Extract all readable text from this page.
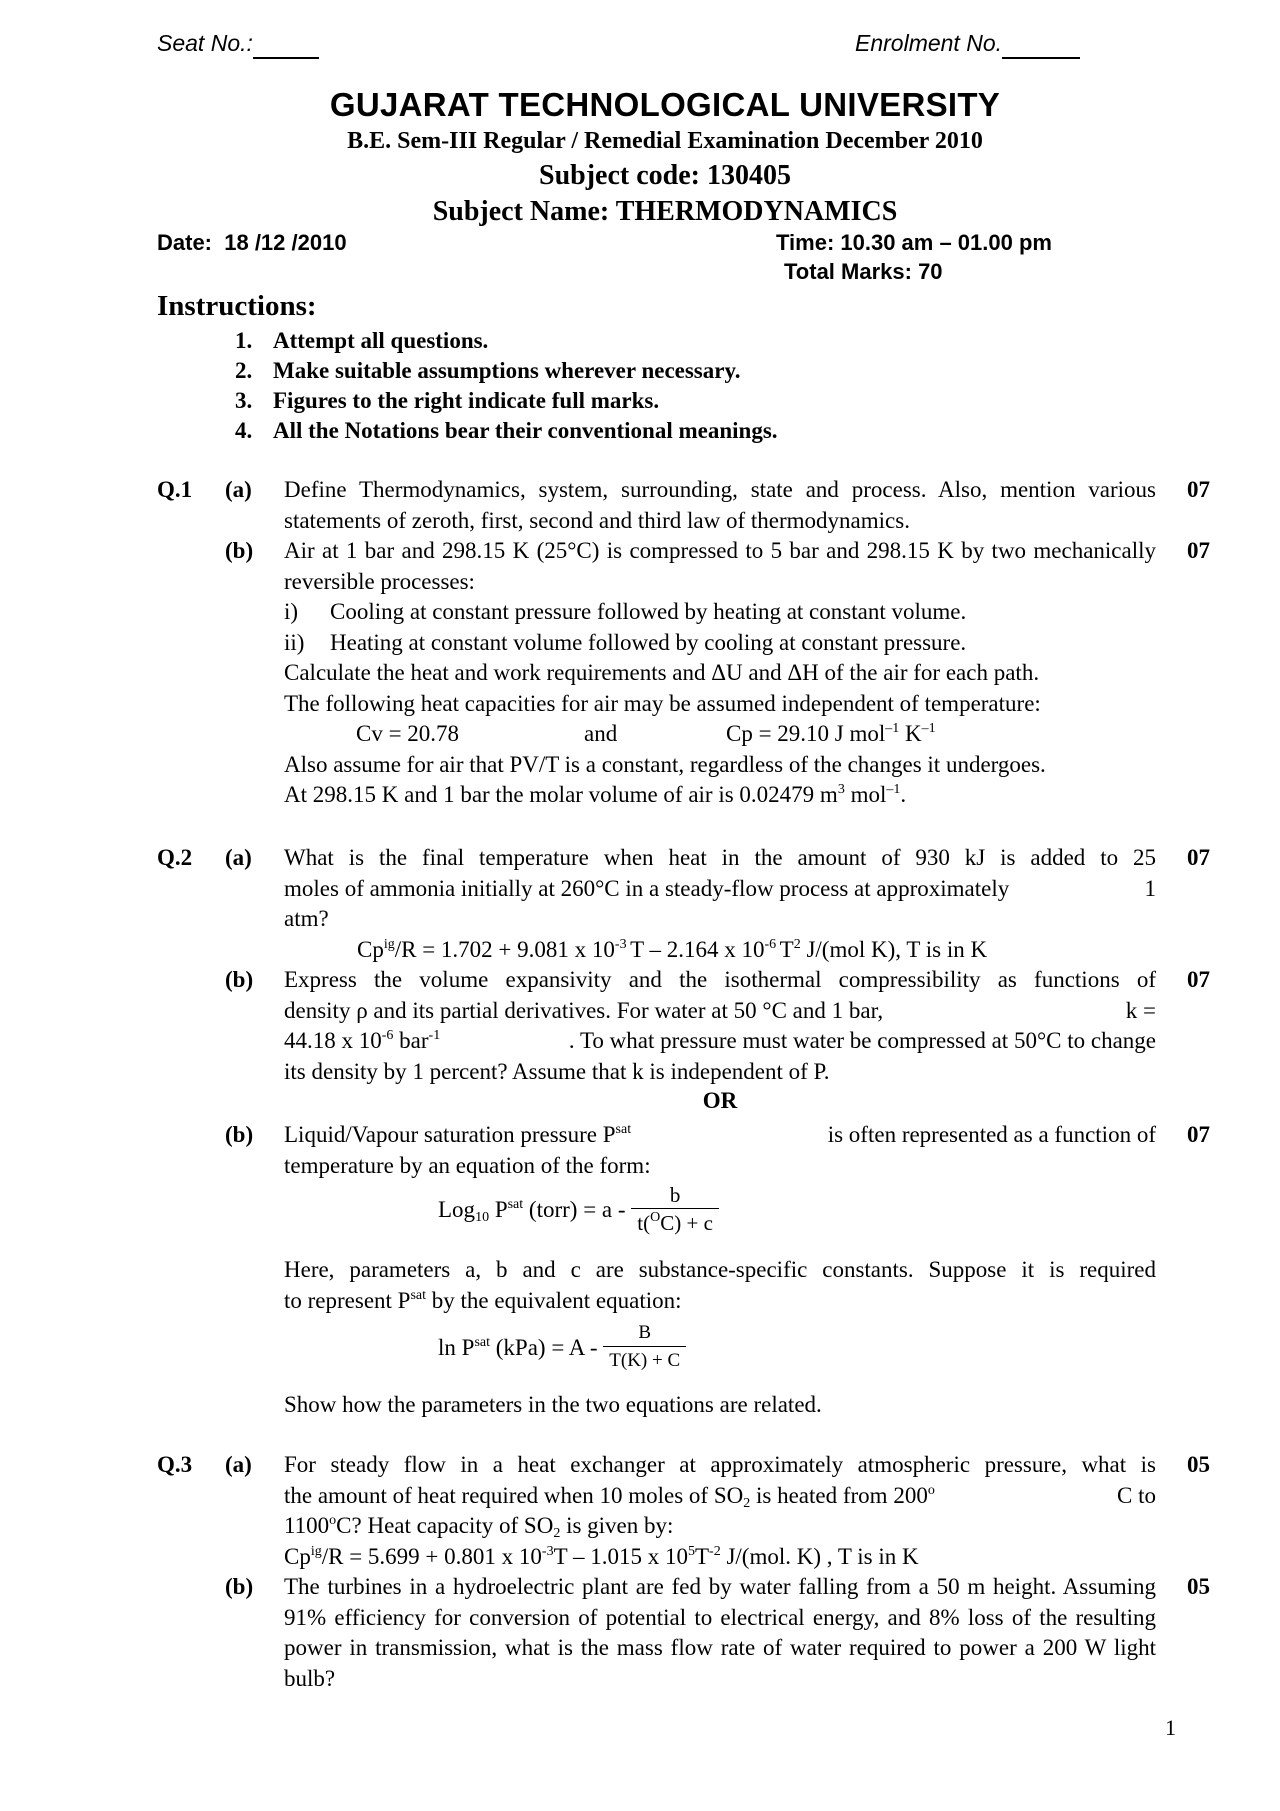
Seat No.:	Enrolment No.
GUJARAT TECHNOLOGICAL UNIVERSITY
B.E. Sem-III Regular / Remedial Examination December 2010
Subject code: 130405
Subject Name: THERMODYNAMICS
Date:  18 /12 /2010	Time: 10.30 am – 01.00 pm
Total Marks: 70
Instructions:
1. Attempt all questions.
2. Make suitable assumptions wherever necessary.
3. Figures to the right indicate full marks.
4. All the Notations bear their conventional meanings.
Q.1 (a)	07
Define Thermodynamics, system, surrounding, state and process. Also, mention various statements of zeroth, first, second and third law of thermodynamics.
(b)	07
Air at 1 bar and 298.15 K (25°C) is compressed to 5 bar and 298.15 K by two mechanically reversible processes:
i) Cooling at constant pressure followed by heating at constant volume.
ii) Heating at constant volume followed by cooling at constant pressure.
Calculate the heat and work requirements and ΔU and ΔH of the air for each path.
The following heat capacities for air may be assumed independent of temperature:
Cv = 20.78	and	Cp = 29.10 J mol$^{-1}$ $K^{-1}$
Also assume for air that PV/T is a constant, regardless of the changes it undergoes.
At 298.15 K and 1 bar the molar volume of air is 0.02479 $m^3$ mol$^{-1}$.
Q.2 (a)	07
What is the final temperature when heat in the amount of 930 kJ is added to 25
moles of ammonia initially at 260°C in a steady-flow process at approximately	1
atm?
$Cp^{ig}/R = 1.702 + 9.081$ x $10^{-3}$ T – 2.164 x $10^{-6}$ $T^2$ J/(mol K), T is in K
(b)	07
Express the volume expansivity and the isothermal compressibility as functions of
density ρ and its partial derivatives. For water at 50 °C and 1 bar,	k =
44.18 x $10^{-6}$ bar$^{-1}$	. To what pressure must water be compressed at 50°C to change
its density by 1 percent? Assume that k is independent of P.
OR
(b)	07
Liquid/Vapour saturation pressure $P^{sat}$	is often represented as a function of
temperature by an equation of the form:
Log$_{10}$ $P^{sat}$ (torr) = a - $\frac{b}{t(^OC) + c}$
Here, parameters a, b and c are substance-specific constants. Suppose it is required
to represent $P^{sat}$ by the equivalent equation:
$\ln P^{sat}$ $(kPa) = A - \frac{B}{T(K) + C}$
Show how the parameters in the two equations are related.
Q.3 (a)	05
For steady flow in a heat exchanger at approximately atmospheric pressure, what is
the amount of heat required when 10 moles of $SO_2$ is heated from 200$^o$	C to
1100$^o$C? Heat capacity of $SO_2$ is given by:
$Cp^{ig}/R = 5.699 + 0.801$ x $10^{-3}T - 1.015$ x $10^5T^{-2}$ J/(mol. K) , T is in K
(b)	05
The turbines in a hydroelectric plant are fed by water falling from a 50 m height. Assuming 91% efficiency for conversion of potential to electrical energy, and 8% loss of the resulting power in transmission, what is the mass flow rate of water required to power a 200 W light bulb?
1
